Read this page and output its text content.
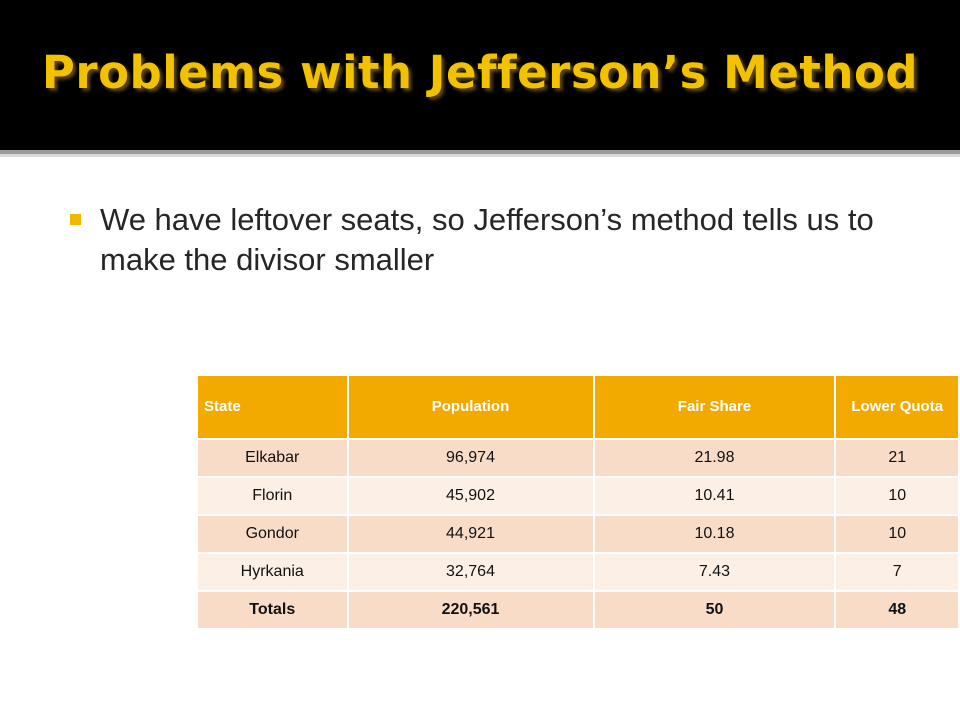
Problems with Jefferson’s Method
We have leftover seats, so Jefferson’s method tells us to make the divisor smaller
State	Population	Fair Share	Lower Quota
Elkabar	96,974	21.98	21
Florin	45,902	10.41	10
Gondor	44,921	10.18	10
Hyrkania	32,764	7.43	7
Totals	220,561	50	48
